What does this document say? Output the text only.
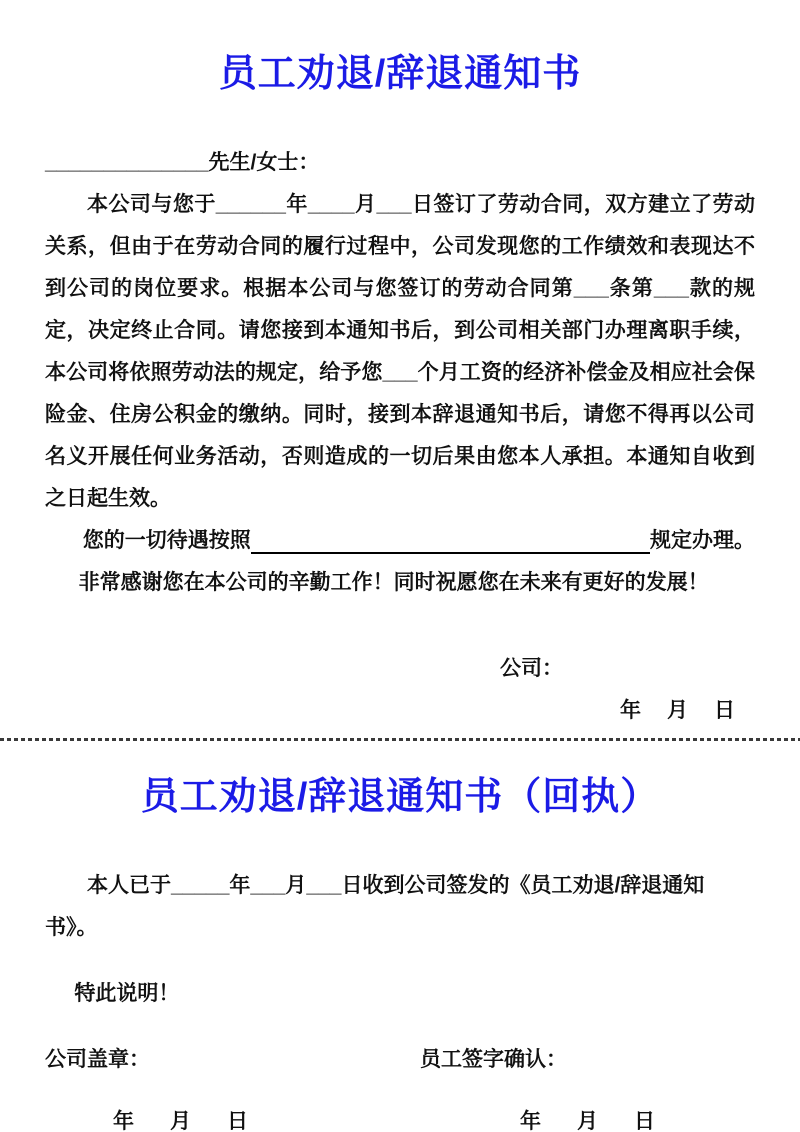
员工劝退/辞退通知书

______________先生/女士：

本公司与您于______年____月___日签订了劳动合同，双方建立了劳动关系，但由于在劳动合同的履行过程中，公司发现您的工作绩效和表现达不到公司的岗位要求。根据本公司与您签订的劳动合同第___条第___款的规定，决定终止合同。请您接到本通知书后，到公司相关部门办理离职手续，本公司将依照劳动法的规定，给予您___个月工资的经济补偿金及相应社会保险金、住房公积金的缴纳。同时，接到本辞退通知书后，请您不得再以公司名义开展任何业务活动，否则造成的一切后果由您本人承担。本通知自收到之日起生效。

您的一切待遇按照	规定办理。

非常感谢您在本公司的辛勤工作！同时祝愿您在未来有更好的发展！

公司：
年 月 日
员工劝退/辞退通知书（回执）

本人已于_____年___月___日收到公司签发的《员工劝退/辞退通知书》。

特此说明！

公司盖章：
年 月 日
员工签字确认：
年 月 日
